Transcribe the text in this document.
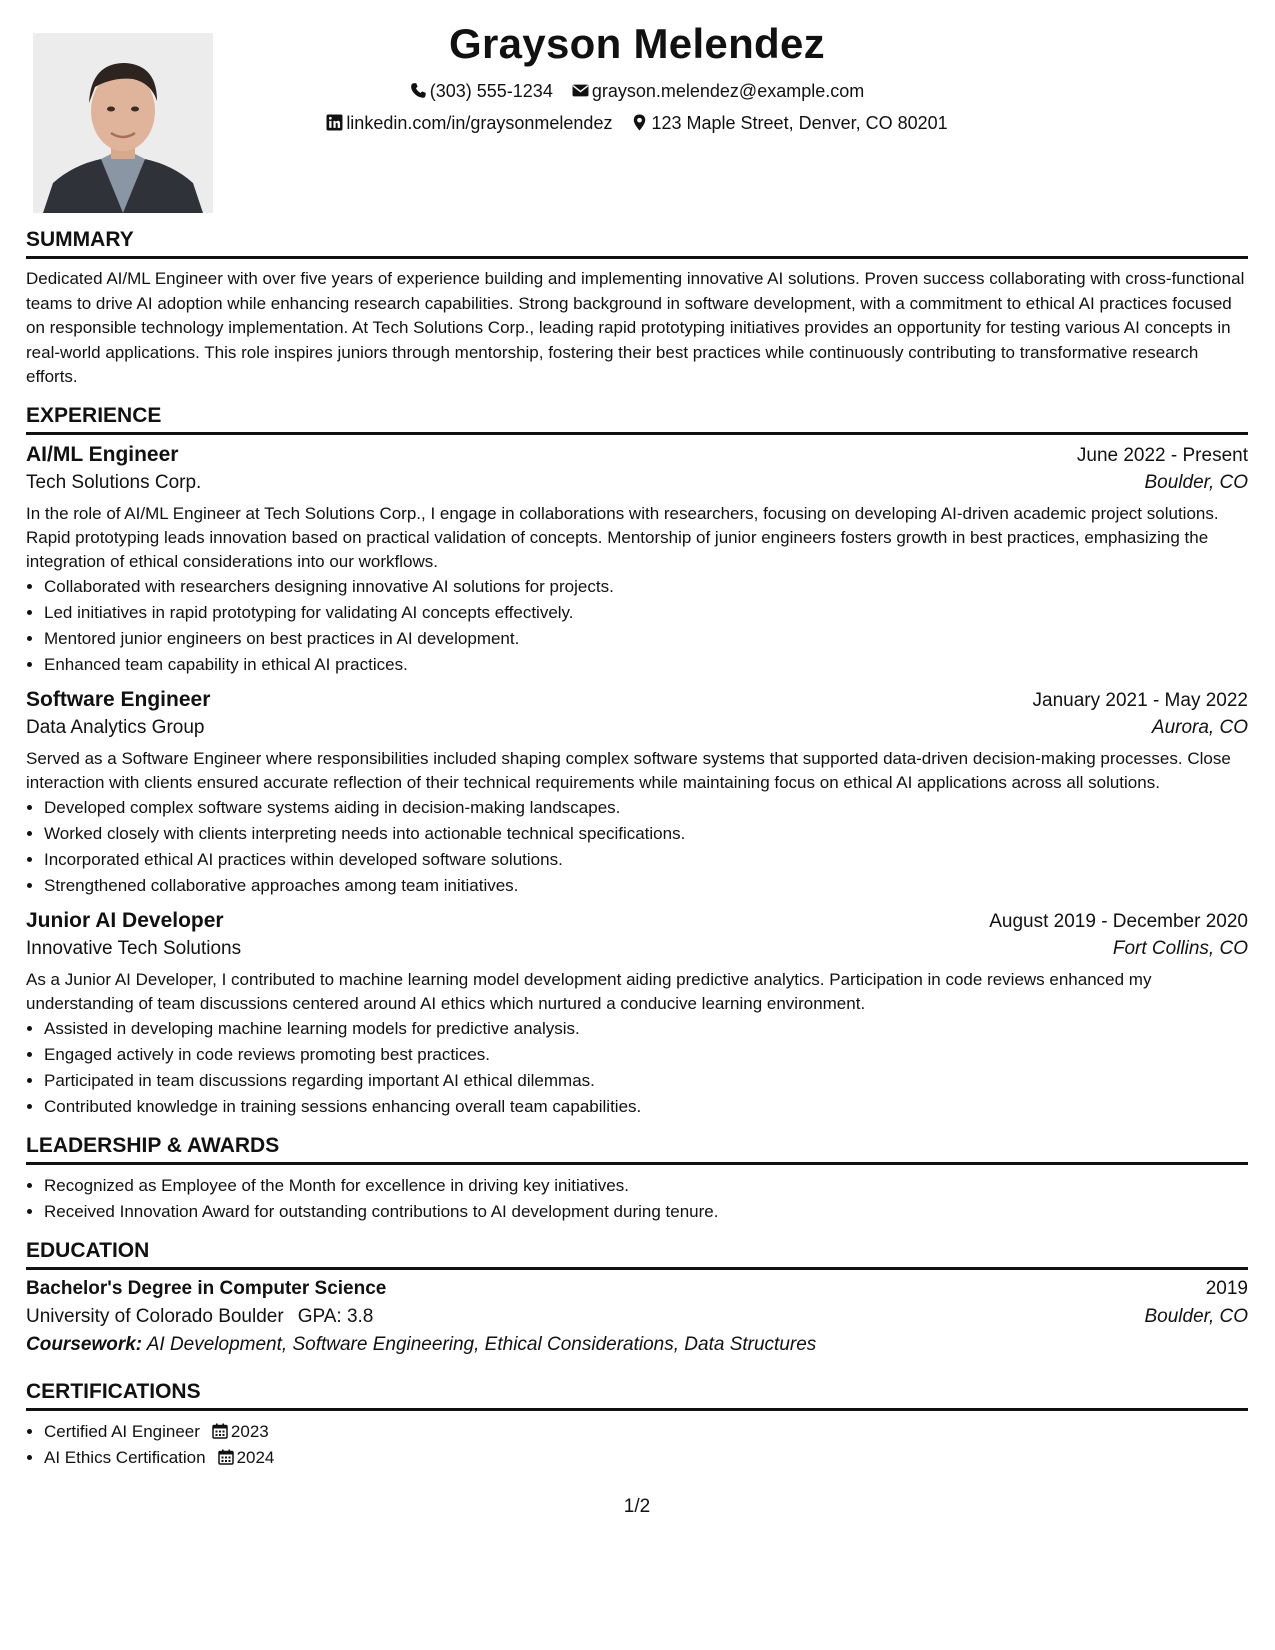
Grayson Melendez
(303) 555-1234 grayson.melendez@example.com
linkedin.com/in/graysonmelendez 123 Maple Street, Denver, CO 80201
SUMMARY
Dedicated AI/ML Engineer with over five years of experience building and implementing innovative AI solutions. Proven success collaborating with cross-functional teams to drive AI adoption while enhancing research capabilities. Strong background in software development, with a commitment to ethical AI practices focused on responsible technology implementation. At Tech Solutions Corp., leading rapid prototyping initiatives provides an opportunity for testing various AI concepts in real-world applications. This role inspires juniors through mentorship, fostering their best practices while continuously contributing to transformative research efforts.
EXPERIENCE
AI/ML Engineer	June 2022 - Present
Tech Solutions Corp.	Boulder, CO
In the role of AI/ML Engineer at Tech Solutions Corp., I engage in collaborations with researchers, focusing on developing AI-driven academic project solutions. Rapid prototyping leads innovation based on practical validation of concepts. Mentorship of junior engineers fosters growth in best practices, emphasizing the integration of ethical considerations into our workflows.
• Collaborated with researchers designing innovative AI solutions for projects.
• Led initiatives in rapid prototyping for validating AI concepts effectively.
• Mentored junior engineers on best practices in AI development.
• Enhanced team capability in ethical AI practices.
Software Engineer	January 2021 - May 2022
Data Analytics Group	Aurora, CO
Served as a Software Engineer where responsibilities included shaping complex software systems that supported data-driven decision-making processes. Close interaction with clients ensured accurate reflection of their technical requirements while maintaining focus on ethical AI applications across all solutions.
• Developed complex software systems aiding in decision-making landscapes.
• Worked closely with clients interpreting needs into actionable technical specifications.
• Incorporated ethical AI practices within developed software solutions.
• Strengthened collaborative approaches among team initiatives.
Junior AI Developer	August 2019 - December 2020
Innovative Tech Solutions	Fort Collins, CO
As a Junior AI Developer, I contributed to machine learning model development aiding predictive analytics. Participation in code reviews enhanced my understanding of team discussions centered around AI ethics which nurtured a conducive learning environment.
• Assisted in developing machine learning models for predictive analysis.
• Engaged actively in code reviews promoting best practices.
• Participated in team discussions regarding important AI ethical dilemmas.
• Contributed knowledge in training sessions enhancing overall team capabilities.
LEADERSHIP & AWARDS
• Recognized as Employee of the Month for excellence in driving key initiatives.
• Received Innovation Award for outstanding contributions to AI development during tenure.
EDUCATION
Bachelor's Degree in Computer Science	2019
University of Colorado Boulder GPA: 3.8	Boulder, CO
Coursework: AI Development, Software Engineering, Ethical Considerations, Data Structures
CERTIFICATIONS
• Certified AI Engineer 2023
• AI Ethics Certification 2024
1/2
